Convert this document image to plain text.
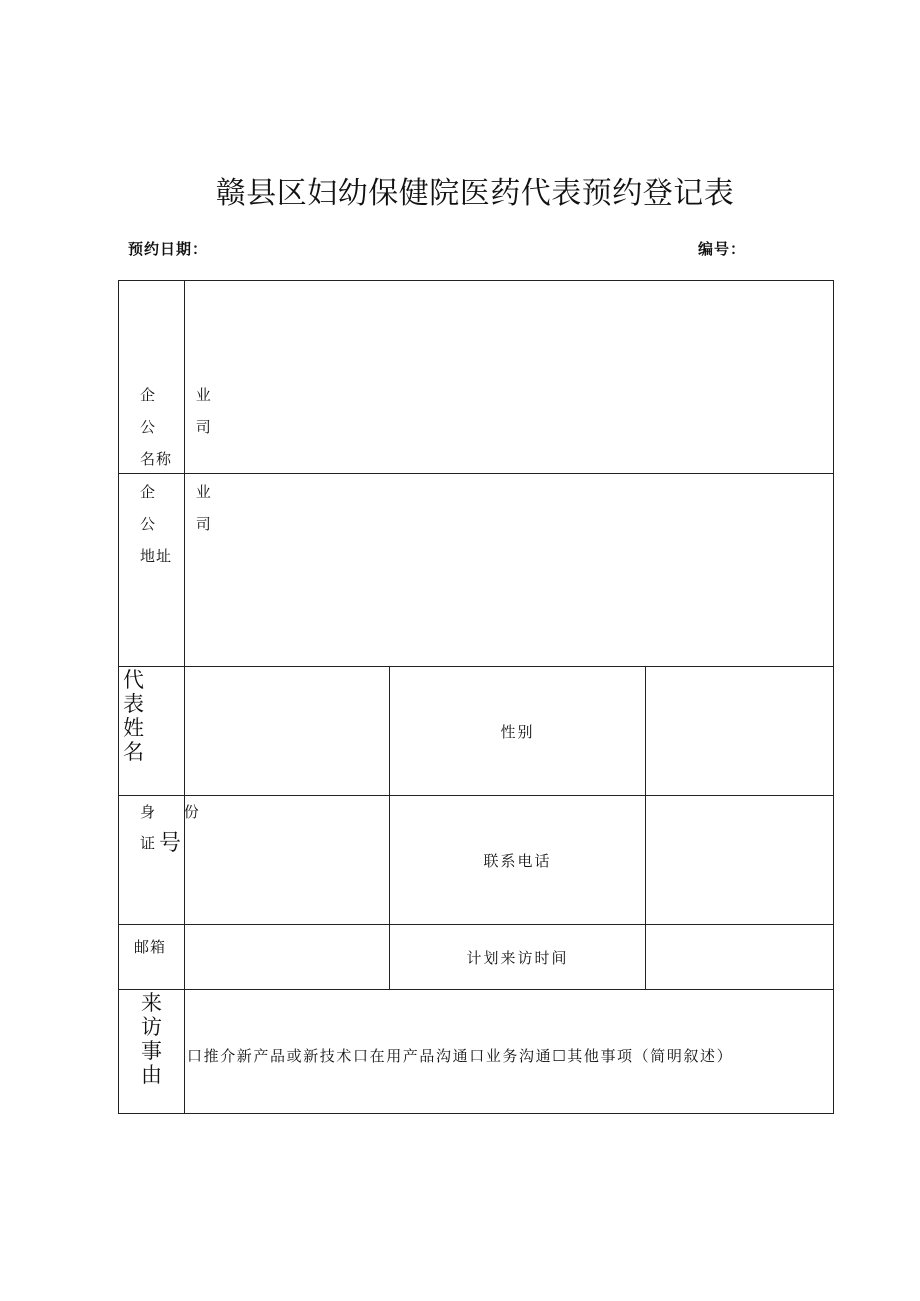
赣县区妇幼保健院医药代表预约登记表
预约日期：	编号：
企 业
公 司
名称
企 业
公 司
地址
代
表
姓
名
性别
身 份
证号
联系电话
邮箱
计划来访时间
来
访
事
由
口推介新产品或新技术口在用产品沟通口业务沟通☐其他事项（简明叙述）
